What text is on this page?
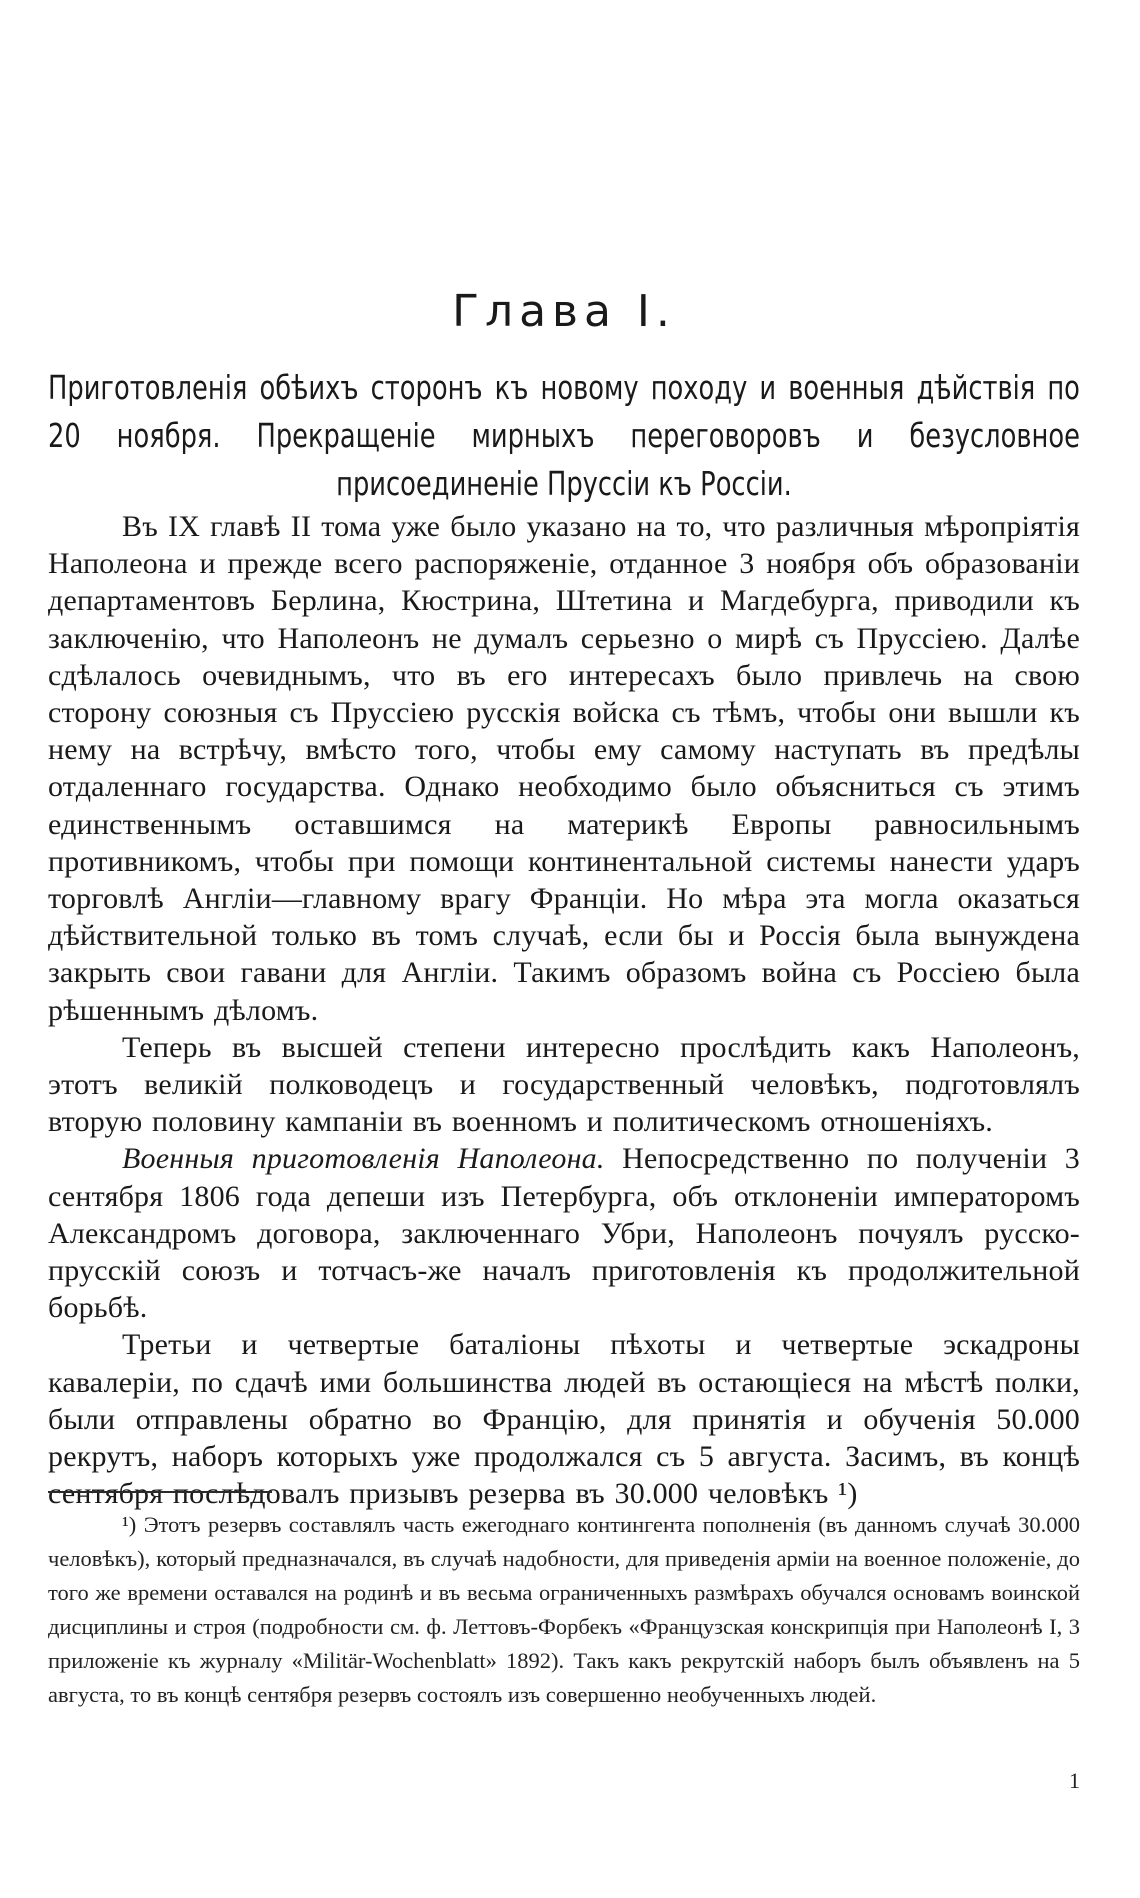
Глава I.
Приготовленія обѣихъ сторонъ къ новому походу и военныя дѣйствія по 20 ноября. Прекращеніе мирныхъ переговоровъ и безусловное присоединеніе Пруссіи къ Россіи.

Въ IX главѣ II тома уже было указано на то, что различныя мѣропріятія Наполеона и прежде всего распоряженіе, отданное 3 ноября объ образованіи департаментовъ Берлина, Кюстрина, Штетина и Магдебурга, приводили къ заключенію, что Наполеонъ не думалъ серьезно о мирѣ съ Пруссіею. Далѣе сдѣлалось очевиднымъ, что въ его интересахъ было привлечь на свою сторону союзныя съ Пруссіею русскія войска съ тѣмъ, чтобы они вышли къ нему на встрѣчу, вмѣсто того, чтобы ему самому наступать въ предѣлы отдаленнаго государства. Однако необходимо было объясниться съ этимъ единственнымъ оставшимся на материкѣ Европы равносильнымъ противникомъ, чтобы при помощи континентальной системы нанести ударъ торговлѣ Англіи—главному врагу Франціи. Но мѣра эта могла оказаться дѣйствительной только въ томъ случаѣ, если бы и Россія была вынуждена закрыть свои гавани для Англіи. Такимъ образомъ война съ Россіею была рѣшеннымъ дѣломъ.

Теперь въ высшей степени интересно прослѣдить какъ Наполеонъ, этотъ великій полководецъ и государственный человѣкъ, подготовлялъ вторую половину кампаніи въ военномъ и политическомъ отношеніяхъ.

Военныя приготовленія Наполеона. Непосредственно по полученіи 3 сентября 1806 года депеши изъ Петербурга, объ отклоненіи императоромъ Александромъ договора, заключеннаго Убри, Наполеонъ почуялъ русско-прусскій союзъ и тотчасъ-же началъ приготовленія къ продолжительной борьбѣ.

Третьи и четвертые баталіоны пѣхоты и четвертые эскадроны кавалеріи, по сдачѣ ими большинства людей въ остающіеся на мѣстѣ полки, были отправлены обратно во Францію, для принятія и обученія 50.000 рекрутъ, наборъ которыхъ уже продолжался съ 5 августа. Засимъ, въ концѣ сентября послѣдовалъ призывъ резерва въ 30.000 человѣкъ ¹)

¹) Этотъ резервъ составлялъ часть ежегоднаго контингента пополненія (въ данномъ случаѣ 30.000 человѣкъ), который предназначался, въ случаѣ надобности, для приведенія арміи на военное положеніе, до того же времени оставался на родинѣ и въ весьма ограниченныхъ размѣрахъ обучался основамъ воинской дисциплины и строя (подробности см. ф. Леттовъ-Форбекъ «Французская конскрипція при Наполеонѣ I, 3 приложеніе къ журналу «Militär-Wochenblatt» 1892). Такъ какъ рекрутскій наборъ былъ объявленъ на 5 августа, то въ концѣ сентября резервъ состоялъ изъ совершенно необученныхъ людей.

1
